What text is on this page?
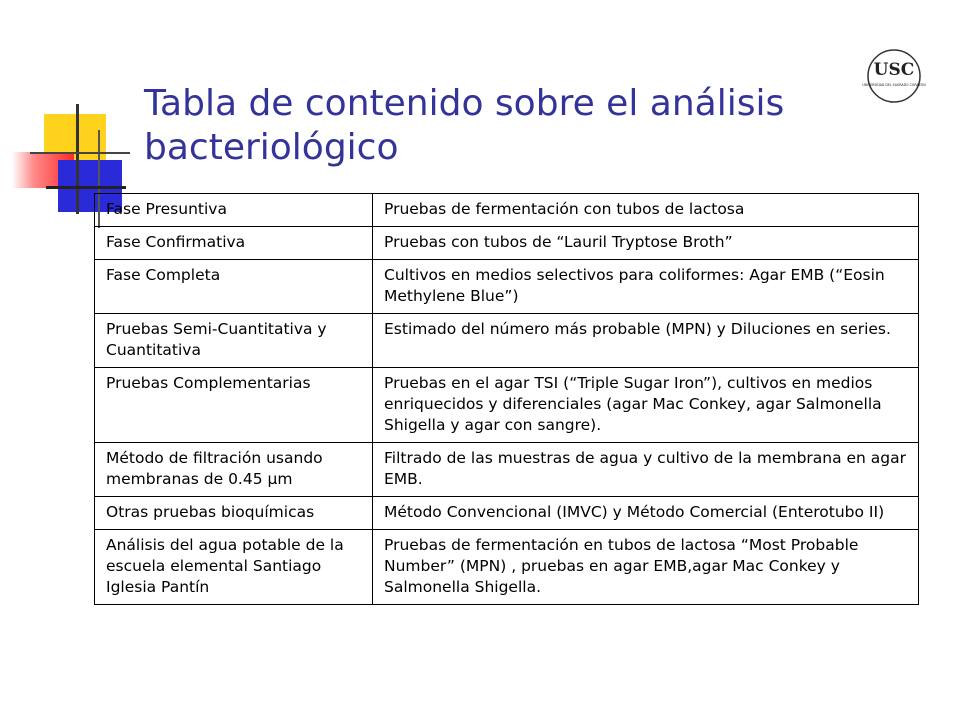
Tabla de contenido sobre el análisis bacteriológico
USC
UNIVERSIDAD DEL SAGRADO CORAZON
Fase Presuntiva	Pruebas de fermentación con tubos de lactosa
Fase Confirmativa	Pruebas con tubos de “Lauril Tryptose Broth”
Fase Completa	Cultivos en medios selectivos para coliformes: Agar EMB (“Eosin Methylene Blue”)
Pruebas Semi-Cuantitativa y Cuantitativa	Estimado del número más probable (MPN) y Diluciones en series.
Pruebas Complementarias	Pruebas en el agar TSI (“Triple Sugar Iron”), cultivos en medios enriquecidos y diferenciales (agar Mac Conkey, agar Salmonella Shigella y agar con sangre).
Método de filtración usando membranas de 0.45 µm	Filtrado de las muestras de agua y cultivo de la membrana en agar EMB.
Otras pruebas bioquímicas	Método Convencional (IMVC) y Método Comercial (Enterotubo II)
Análisis del agua potable de la escuela elemental Santiago Iglesia Pantín	Pruebas de fermentación en tubos de lactosa “Most Probable Number” (MPN) , pruebas en agar EMB,agar Mac Conkey y Salmonella Shigella.
